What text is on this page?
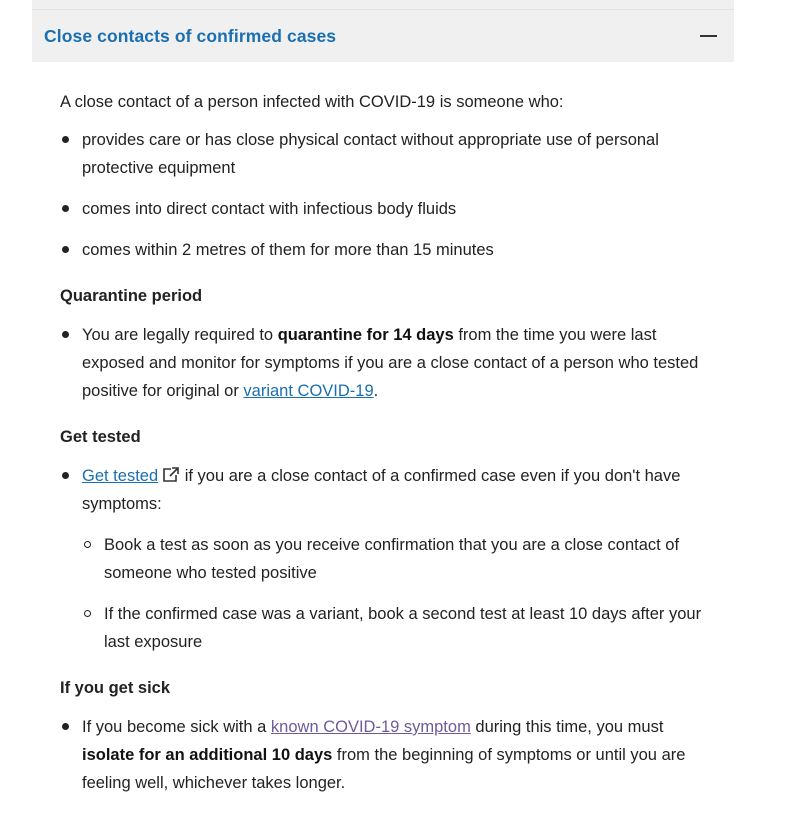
Close contacts of confirmed cases

A close contact of a person infected with COVID-19 is someone who:

provides care or has close physical contact without appropriate use of personal protective equipment
comes into direct contact with infectious body fluids
comes within 2 metres of them for more than 15 minutes
Quarantine period
You are legally required to quarantine for 14 days from the time you were last exposed and monitor for symptoms if you are a close contact of a person who tested positive for original or variant COVID-19.
Get tested
Get tested if you are a close contact of a confirmed case even if you don't have symptoms:
Book a test as soon as you receive confirmation that you are a close contact of someone who tested positive
If the confirmed case was a variant, book a second test at least 10 days after your last exposure
If you get sick
If you become sick with a known COVID-19 symptom during this time, you must isolate for an additional 10 days from the beginning of symptoms or until you are feeling well, whichever takes longer.
